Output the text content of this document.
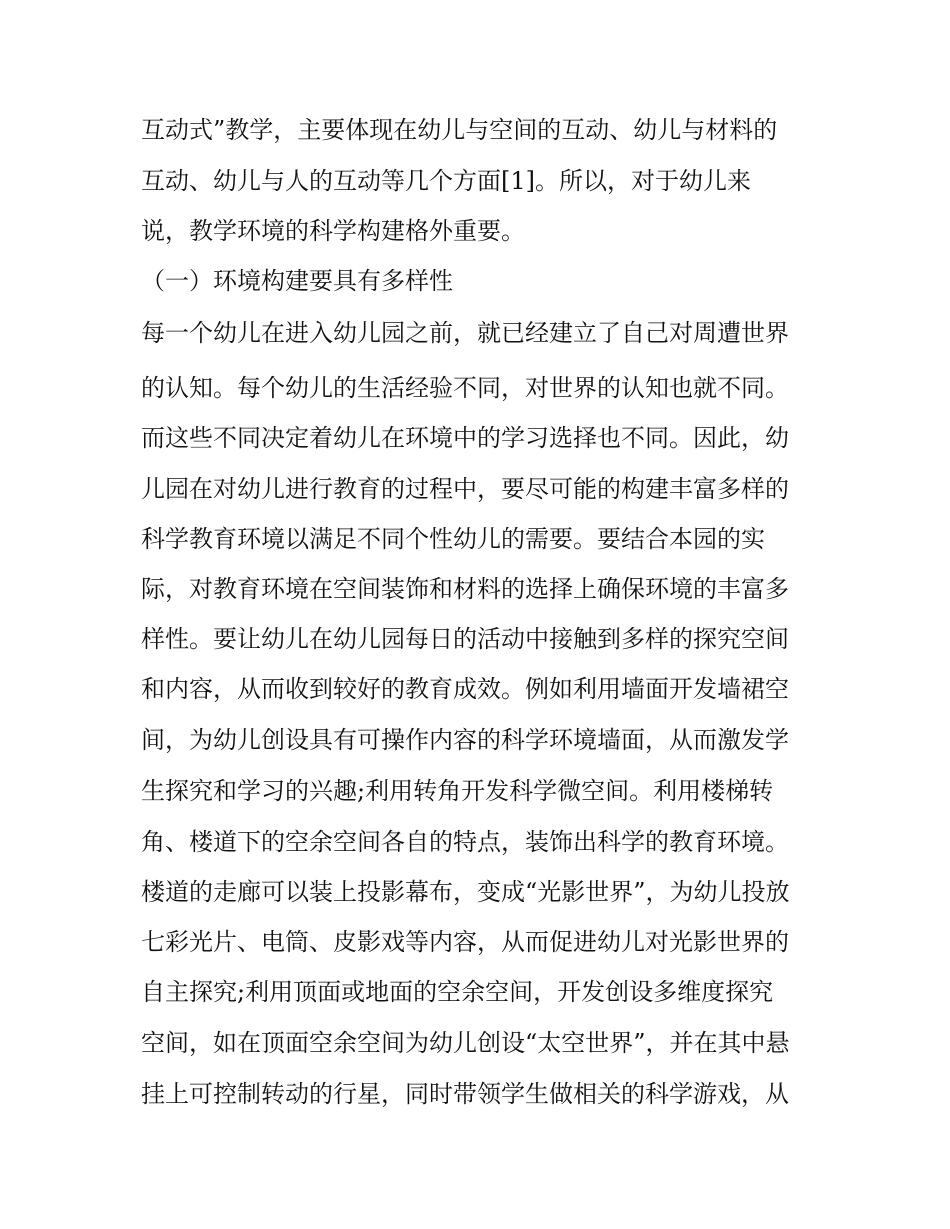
互动式”教学，主要体现在幼儿与空间的互动、幼儿与材料的
互动、幼儿与人的互动等几个方面[1]。所以，对于幼儿来
说，教学环境的科学构建格外重要。
（一）环境构建要具有多样性
每一个幼儿在进入幼儿园之前，就已经建立了自己对周遭世界
的认知。每个幼儿的生活经验不同，对世界的认知也就不同。
而这些不同决定着幼儿在环境中的学习选择也不同。因此，幼
儿园在对幼儿进行教育的过程中，要尽可能的构建丰富多样的
科学教育环境以满足不同个性幼儿的需要。要结合本园的实
际，对教育环境在空间装饰和材料的选择上确保环境的丰富多
样性。要让幼儿在幼儿园每日的活动中接触到多样的探究空间
和内容，从而收到较好的教育成效。例如利用墙面开发墙裙空
间，为幼儿创设具有可操作内容的科学环境墙面，从而激发学
生探究和学习的兴趣;利用转角开发科学微空间。利用楼梯转
角、楼道下的空余空间各自的特点，装饰出科学的教育环境。
楼道的走廊可以装上投影幕布，变成“光影世界”，为幼儿投放
七彩光片、电筒、皮影戏等内容，从而促进幼儿对光影世界的
自主探究;利用顶面或地面的空余空间，开发创设多维度探究
空间，如在顶面空余空间为幼儿创设“太空世界”，并在其中悬
挂上可控制转动的行星，同时带领学生做相关的科学游戏，从
